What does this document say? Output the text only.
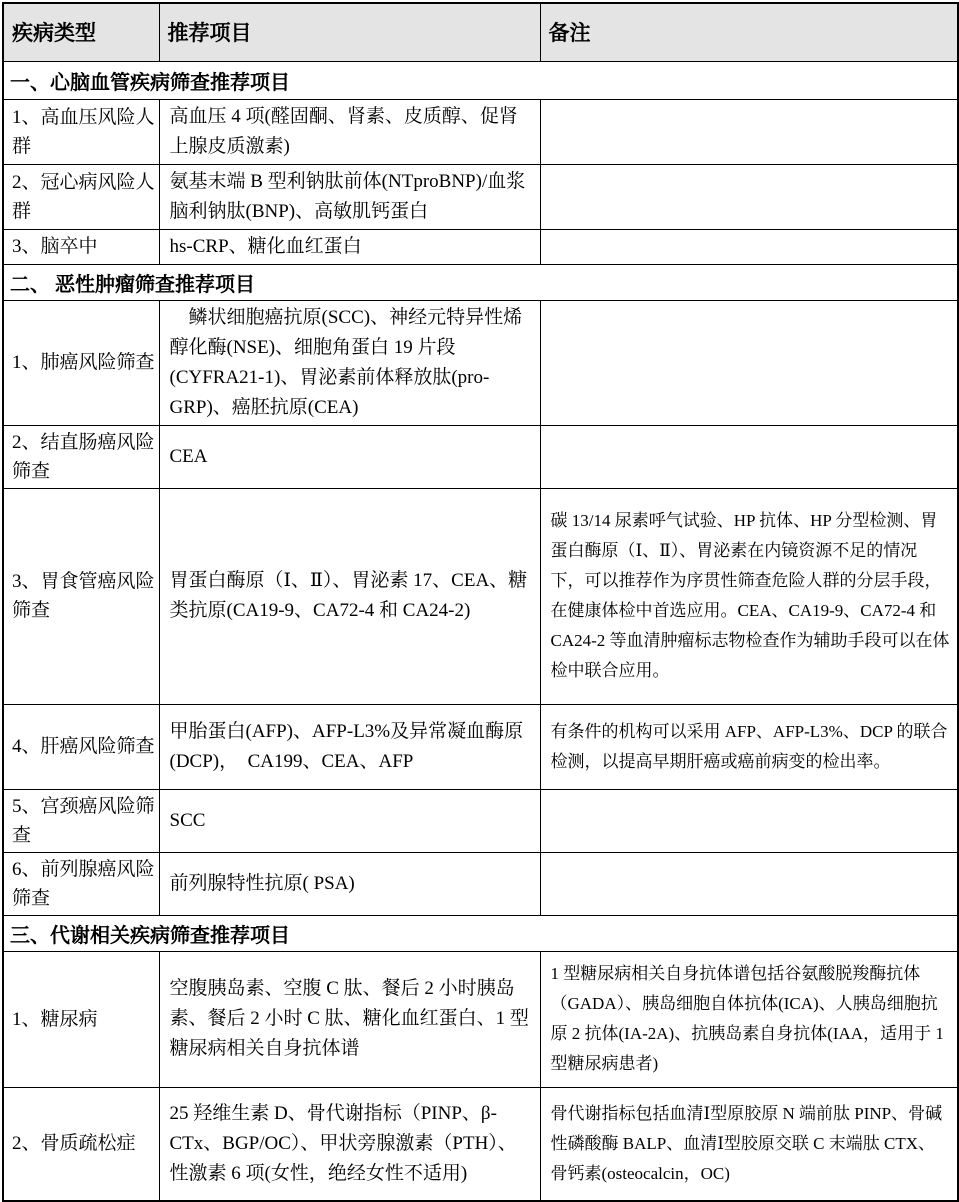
疾病类型	推荐项目	备注
一、心脑血管疾病筛查推荐项目		
1、高血压风险人群	高血压 4 项(醛固酮、肾素、皮质醇、促肾上腺皮质激素)	
2、冠心病风险人群	氨基末端 B 型利钠肽前体(NTproBNP)/血浆脑利钠肽(BNP)、高敏肌钙蛋白	
3、脑卒中	hs-CRP、糖化血红蛋白	
二、 恶性肿瘤筛查推荐项目		
1、肺癌风险筛查	　鳞状细胞癌抗原(SCC)、神经元特异性烯醇化酶(NSE)、细胞角蛋白 19 片段(CYFRA21-1)、胃泌素前体释放肽(pro-GRP)、癌胚抗原(CEA)	
2、结直肠癌风险筛查	CEA	
3、胃食管癌风险筛查	胃蛋白酶原（Ⅰ、Ⅱ）、胃泌素 17、CEA、糖类抗原(CA19-9、CA72-4 和 CA24-2)	碳 13/14 尿素呼气试验、HP 抗体、HP 分型检测、胃蛋白酶原（Ⅰ、Ⅱ）、胃泌素在内镜资源不足的情况下，可以推荐作为序贯性筛查危险人群的分层手段，在健康体检中首选应用。CEA、CA19-9、CA72-4 和 CA24-2 等血清肿瘤标志物检查作为辅助手段可以在体检中联合应用。
4、肝癌风险筛查	甲胎蛋白(AFP)、AFP-L3%及异常凝血酶原(DCP)，  CA199、CEA、AFP	有条件的机构可以采用 AFP、AFP-L3%、DCP 的联合检测，以提高早期肝癌或癌前病变的检出率。
5、宫颈癌风险筛查	SCC	
6、前列腺癌风险筛查	前列腺特性抗原( PSA)	
三、代谢相关疾病筛查推荐项目		
1、糖尿病	空腹胰岛素、空腹 C 肽、餐后 2 小时胰岛素、餐后 2 小时 C 肽、糖化血红蛋白、1 型糖尿病相关自身抗体谱	1 型糖尿病相关自身抗体谱包括谷氨酸脱羧酶抗体（GADA）、胰岛细胞自体抗体(ICA)、人胰岛细胞抗原 2 抗体(IA-2A)、抗胰岛素自身抗体(IAA，适用于 1 型糖尿病患者)
2、骨质疏松症	25 羟维生素 D、骨代谢指标（PINP、β-CTx、BGP/OC）、甲状旁腺激素（PTH）、性激素 6 项(女性，绝经女性不适用)	骨代谢指标包括血清Ⅰ型原胶原 N 端前肽 PINP、骨碱性磷酸酶 BALP、血清Ⅰ型胶原交联 C 末端肽 CTX、骨钙素(osteocalcin，OC)
